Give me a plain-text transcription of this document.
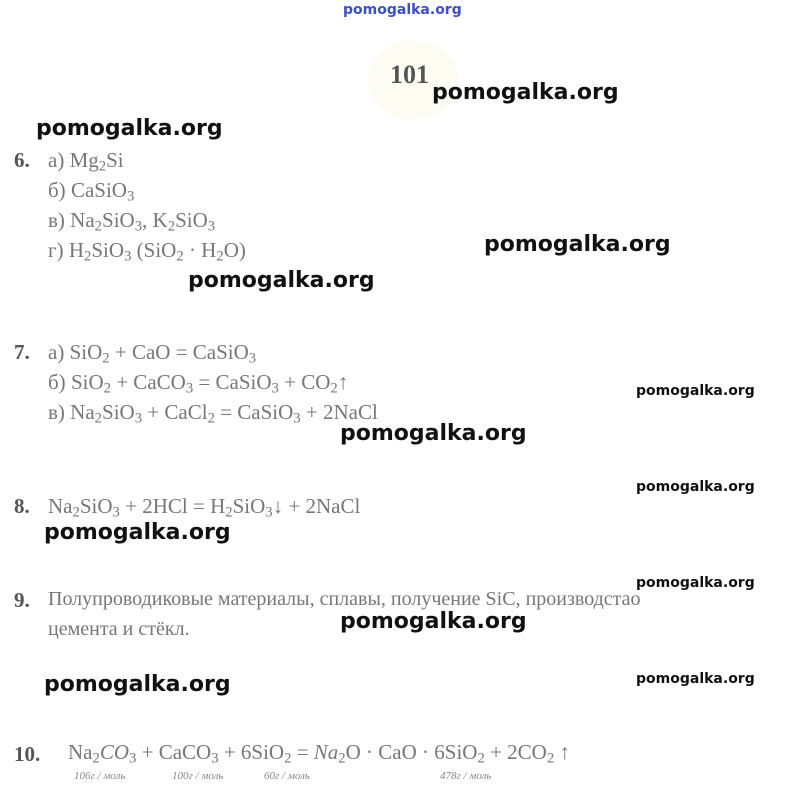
pomogalka.org
101
pomogalka.org
pomogalka.org
pomogalka.org
pomogalka.org
pomogalka.org
pomogalka.org
pomogalka.org
pomogalka.org
pomogalka.org
pomogalka.org
pomogalka.org	pomogalka.org
6. а) $Mg_2Si$
б) CaSiO$_3$
в) $Na_2SiO_3$, $K_2SiO_3$
г) $H_2SiO_3$ $(SiO_2 \cdot H_2O)$
7. а) SiO$_2$ + CaO = CaSiO$_3$
б) SiO$_2$ + CaCO$_3$ = CaSiO$_3$ + $CO_2↑$
в) $Na_2SiO_3$ + CaCl$_2$ = CaSiO$_3$ + 2NaCl
8. $Na_2SiO_3 + 2HCl$ = $H_2SiO_3↓$ + 2NaCl
9. Полупроводиковые материалы, сплавы, получение SiC, производстао
цемента и стёкл.
10. $Na_2CO_3$ + CaCO$_3$ + $6SiO_2 = Na_2O$ · CaO · $6SiO_2 + 2CO_2$ ↑
106г / моль	100г / моль	60г / моль	478г / моль
